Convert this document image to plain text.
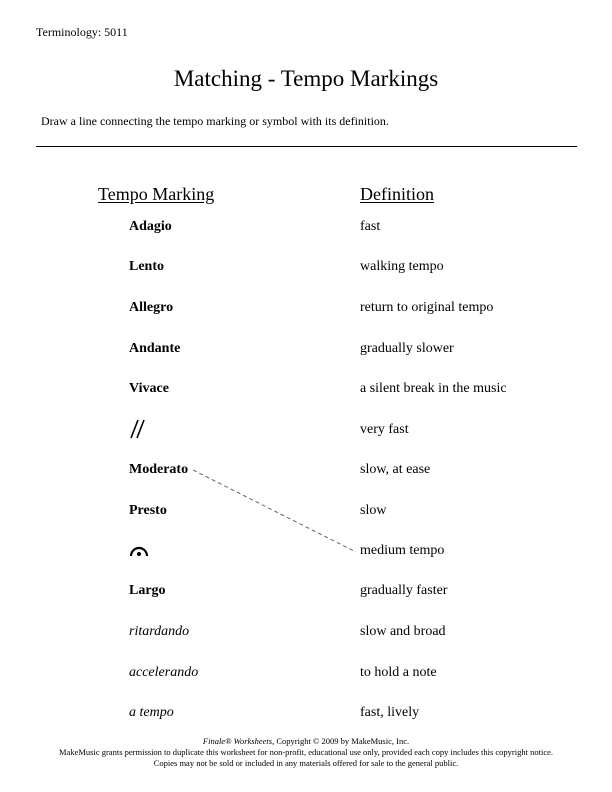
Terminology: 5011
Matching - Tempo Markings
Draw a line connecting the tempo marking or symbol with its definition.
Tempo Marking	Definition
Adagio
Lento
Allegro
Andante
Vivace
Moderato
Presto
Largo
ritardando
accelerando
a tempo
fast
walking tempo
return to original tempo
gradually slower
a silent break in the music
very fast
slow, at ease
slow
medium tempo
gradually faster
slow and broad
to hold a note
fast, lively
Finale® Worksheets, Copyright © 2009 by MakeMusic, Inc.
MakeMusic grants permission to duplicate this worksheet for non-profit, educational use only, provided each copy includes this copyright notice.
Copies may not be sold or included in any materials offered for sale to the general public.
